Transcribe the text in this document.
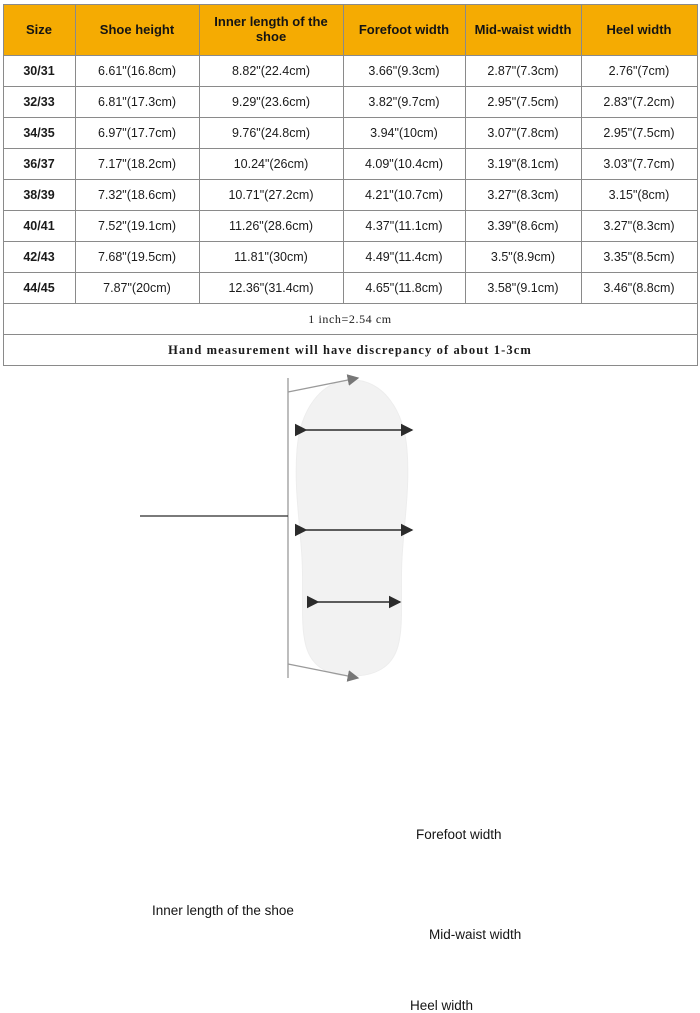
Size	Shoe height	Inner length of the shoe	Forefoot width	Mid-waist width	Heel width
30/31	6.61"(16.8cm)	8.82"(22.4cm)	3.66"(9.3cm)	2.87"(7.3cm)	2.76"(7cm)
32/33	6.81"(17.3cm)	9.29"(23.6cm)	3.82"(9.7cm)	2.95"(7.5cm)	2.83"(7.2cm)
34/35	6.97"(17.7cm)	9.76"(24.8cm)	3.94"(10cm)	3.07"(7.8cm)	2.95"(7.5cm)
36/37	7.17"(18.2cm)	10.24"(26cm)	4.09"(10.4cm)	3.19"(8.1cm)	3.03"(7.7cm)
38/39	7.32"(18.6cm)	10.71"(27.2cm)	4.21"(10.7cm)	3.27"(8.3cm)	3.15"(8cm)
40/41	7.52"(19.1cm)	11.26"(28.6cm)	4.37"(11.1cm)	3.39"(8.6cm)	3.27"(8.3cm)
42/43	7.68"(19.5cm)	11.81"(30cm)	4.49"(11.4cm)	3.5"(8.9cm)	3.35"(8.5cm)
44/45	7.87"(20cm)	12.36"(31.4cm)	4.65"(11.8cm)	3.58"(9.1cm)	3.46"(8.8cm)
1 inch=2.54 cm					
Hand measurement will have discrepancy of about 1-3cm					
Forefoot width
Mid-waist width
Heel width
Inner length of the shoe
